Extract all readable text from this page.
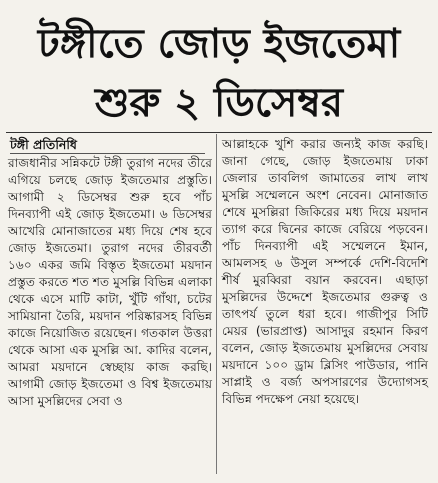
টঙ্গীতে জোড় ইজতেমা
শুরু ২ ডিসেম্বর
টঙ্গী প্রতিনিধি

রাজধানীর সন্নিকটে টঙ্গী তুরাগ নদের তীরে এগিয়ে চলছে জোড় ইজতেমার প্রস্তুতি। আগামী ২ ডিসেম্বর শুরু হবে পাঁচ দিনব্যাপী এই জোড় ইজতেমা। ৬ ডিসেম্বর আখেরি মোনাজাতের মধ্য দিয়ে শেষ হবে জোড় ইজতেমা। তুরাগ নদের তীরবর্তী ১৬০ একর জমি বিস্তৃত ইজতেমা ময়দান প্রস্তুত করতে শত শত মুসল্লি বিভিন্ন এলাকা থেকে এসে মাটি কাটা, খুঁটি গাঁথা, চটের সামিয়ানা তৈরি, ময়দান পরিষ্কারসহ বিভিন্ন কাজে নিয়োজিত রয়েছেন। গতকাল উত্তরা থেকে আসা এক মুসল্লি আ. কাদির বলেন, আমরা ময়দানে স্বেচ্ছায় কাজ করছি। আগামী জোড় ইজতেমা ও বিশ্ব ইজতেমায় আসা মুসল্লিদের সেবা ও

আল্লাহকে খুশি করার জন্যই কাজ করছি। জানা গেছে, জোড় ইজতেমায় ঢাকা জেলার তাবলিগ জামাতের লাখ লাখ মুসল্লি সম্মেলনে অংশ নেবেন। মোনাজাত শেষে মুসল্লিরা জিকিরের মধ্য দিয়ে ময়দান ত্যাগ করে দ্বিনের কাজে বেরিয়ে পড়বেন। পাঁচ দিনব্যাপী এই সম্মেলনে ইমান, আমলসহ ৬ উসুল সম্পর্কে দেশি-বিদেশি শীর্ষ মুরব্বিরা বয়ান করবেন। এছাড়া মুসল্লিদের উদ্দেশে ইজতেমার গুরুত্ব ও তাৎপর্য তুলে ধরা হবে। গাজীপুর সিটি মেয়র (ভারপ্রাপ্ত) আসাদুর রহমান কিরণ বলেন, জোড় ইজতেমায় মুসল্লিদের সেবায় ময়দানে ১০০ ড্রাম ব্লিসিং পাউডার, পানি সাপ্লাই ও বর্জ্য অপসারণের উদ্যোগসহ বিভিন্ন পদক্ষেপ নেয়া হয়েছে।
